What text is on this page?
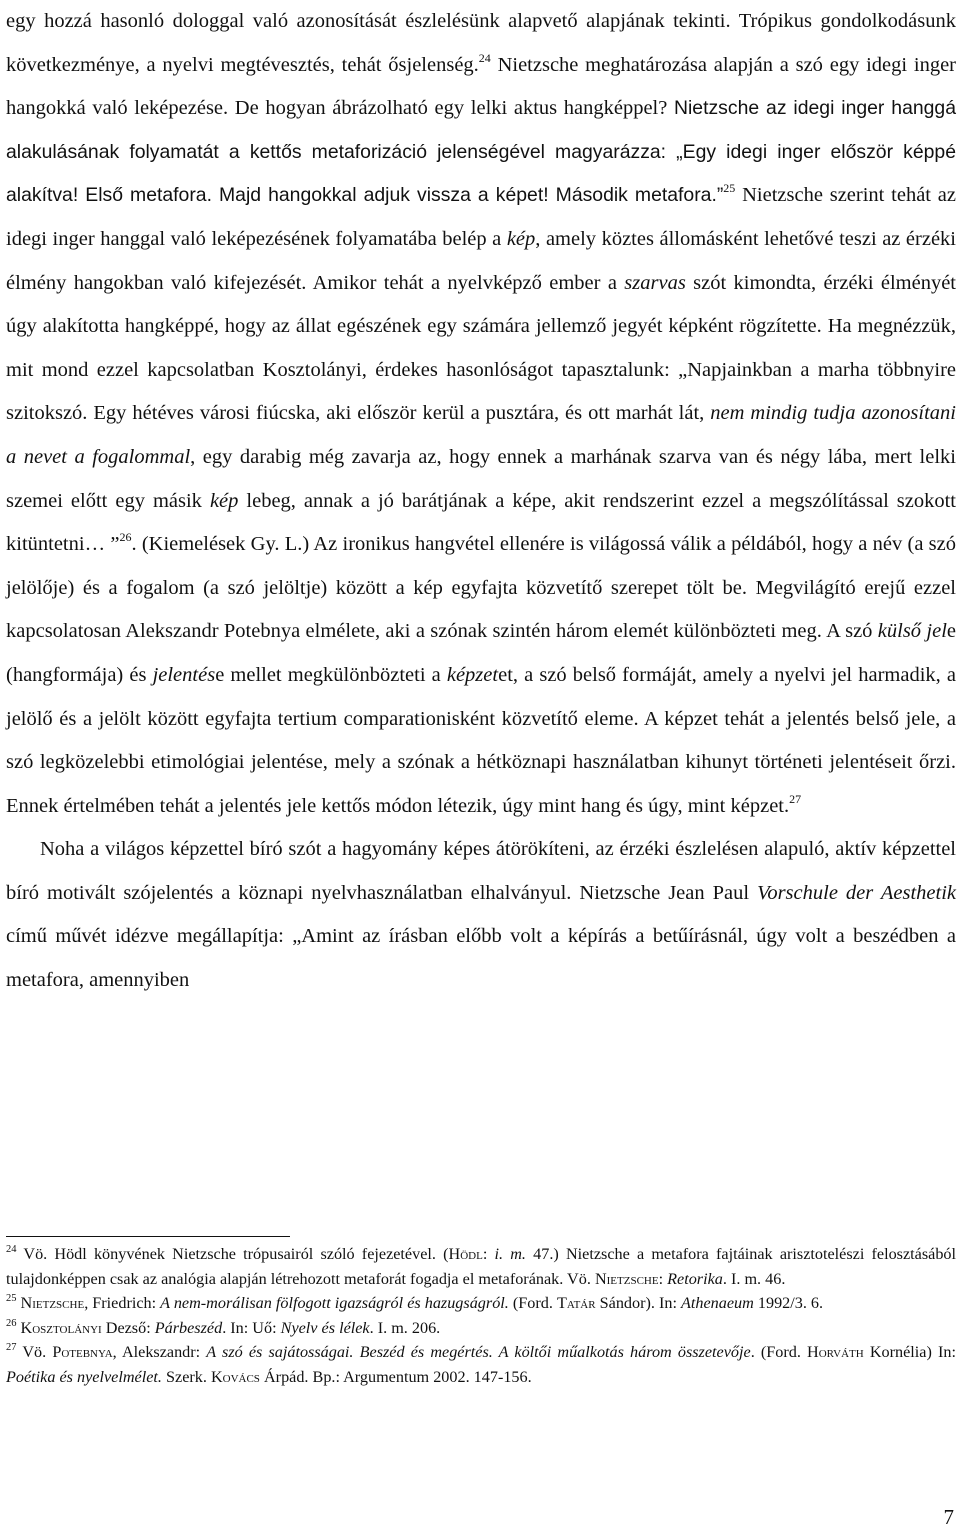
egy hozzá hasonló dologgal való azonosítását észlelésünk alapvető alapjának tekinti. Trópikus gondolkodásunk következménye, a nyelvi megtévesztés, tehát ősjelenség.$^{24}$ Nietzsche meghatározása alapján a szó egy idegi inger hangokká való leképezése. De hogyan ábrázolható egy lelki aktus hangképpel? Nietzsche az idegi inger hanggá alakulásának folyamatát a kettős metaforizáció jelenségével magyarázza: „Egy idegi inger először képpé alakítva! Első metafora. Majd hangokkal adjuk vissza a képet! Második metafora.”$^{25}$ Nietzsche szerint tehát az idegi inger hanggal való leképezésének folyamatába belép a kép, amely köztes állomásként lehetővé teszi az érzéki élmény hangokban való kifejezését. Amikor tehát a nyelvképző ember a szarvas szót kimondta, érzéki élményét úgy alakította hangképpé, hogy az állat egészének egy számára jellemző jegyét képként rögzítette. Ha megnézzük, mit mond ezzel kapcsolatban Kosztolányi, érdekes hasonlóságot tapasztalunk: „Napjainkban a marha többnyire szitokszó. Egy hétéves városi fiúcska, aki először kerül a pusztára, és ott marhát lát, nem mindig tudja azonosítani a nevet a fogalommal, egy darabig még zavarja az, hogy ennek a marhának szarva van és négy lába, mert lelki szemei előtt egy másik kép lebeg, annak a jó barátjának a képe, akit rendszerint ezzel a megszólítással szokott kitüntetni… ”$^{26}$. (Kiemelések Gy. L.) Az ironikus hangvétel ellenére is világossá válik a példából, hogy a név (a szó jelölője) és a fogalom (a szó jelöltje) között a kép egyfajta közvetítő szerepet tölt be. Megvilágító erejű ezzel kapcsolatosan Alekszandr Potebnya elmélete, aki a szónak szintén három elemét különbözteti meg. A szó külső jele (hangformája) és jelentése mellet megkülönbözteti a képzetet, a szó belső formáját, amely a nyelvi jel harmadik, a jelölő és a jelölt között egyfajta tertium comparationisként közvetítő eleme. A képzet tehát a jelentés belső jele, a szó legközelebbi etimológiai jelentése, mely a szónak a hétköznapi használatban kihunyt történeti jelentéseit őrzi. Ennek értelmében tehát a jelentés jele kettős módon létezik, úgy mint hang és úgy, mint képzet.$^{27}$

Noha a világos képzettel bíró szót a hagyomány képes átörökíteni, az érzéki észlelésen alapuló, aktív képzettel bíró motivált szójelentés a köznapi nyelvhasználatban elhalványul. Nietzsche Jean Paul Vorschule der Aesthetik című művét idézve megállapítja: „Amint az írásban előbb volt a képírás a betűírásnál, úgy volt a beszédben a metafora, amennyiben

$^{24}$ Vö. Hödl könyvének Nietzsche trópusairól szóló fejezetével. (Hödl: i. m. 47.) Nietzsche a metafora fajtáinak arisztotelészi felosztásából tulajdonképpen csak az analógia alapján létrehozott metaforát fogadja el metaforának. Vö. Nietzsche: Retorika. I. m. 46.

$^{25}$ Nietzsche, Friedrich: A nem-morálisan fölfogott igazságról és hazugságról. (Ford. Tatár Sándor). In: Athenaeum 1992/3. 6.

$^{26}$ Kosztolányi Dezső: Párbeszéd. In: Uő: Nyelv és lélek. I. m. 206.

$^{27}$ Vö. Potebnya, Alekszandr: A szó és sajátosságai. Beszéd és megértés. A költői műalkotás három összetevője. (Ford. Horváth Kornélia) In: Poétika és nyelvelmélet. Szerk. Kovács Árpád. Bp.: Argumentum 2002. 147-156.

7
